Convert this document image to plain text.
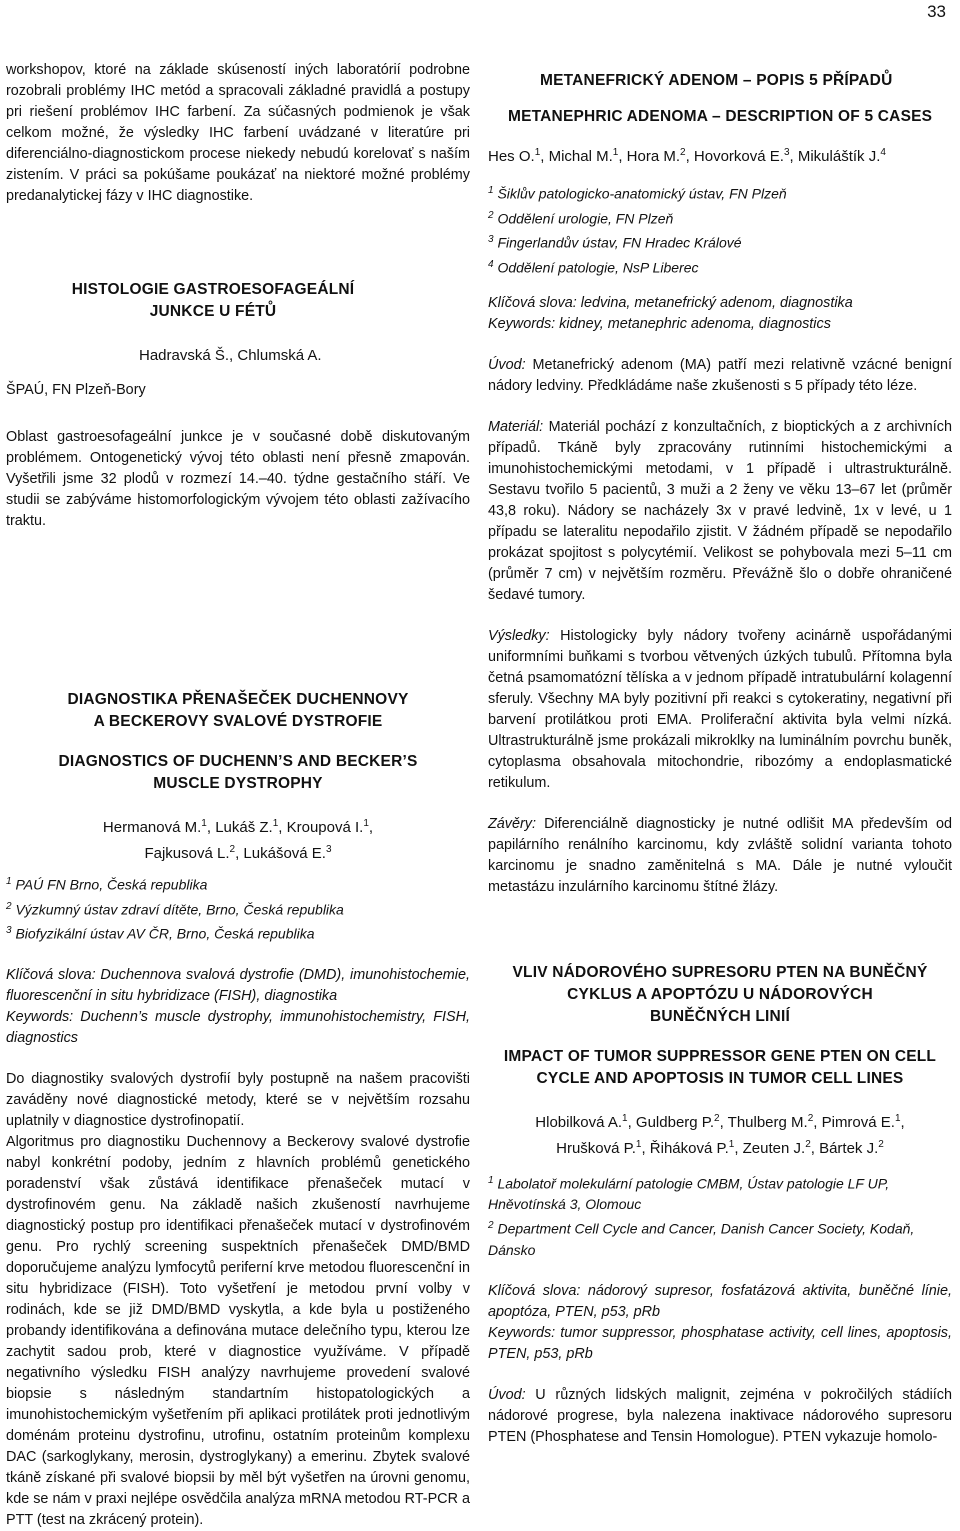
33

workshopov, ktoré na základe skúseností iných laboratórií podrobne rozobrali problémy IHC metód a spracovali základné pravidlá a postupy pri riešení problémov IHC farbení. Za súčasných podmienok je však celkom možné, že výsledky IHC farbení uvádzané v literatúre pri diferenciálno-diagnostickom procese niekedy nebudú korelovať s naším zistením. V práci sa pokúšame poukázať na niektoré možné problémy predanalytickej fázy v IHC diagnostike.

HISTOLOGIE GASTROESOFAGEÁLNÍ
JUNKCE U FÉTŮ
Hadravská Š., Chlumská A.
ŠPAÚ, FN Plzeň-Bory

Oblast gastroesofageální junkce je v současné době diskutovaným problémem. Ontogenetický vývoj této oblasti není přesně zmapován. Vyšetřili jsme 32 plodů v rozmezí 14.–40. týdne gestačního stáří. Ve studii se zabýváme histomorfologickým vývojem této oblasti zažívacího traktu.

DIAGNOSTIKA PŘENAŠEČEK DUCHENNOVY
A BECKEROVY SVALOVÉ DYSTROFIE
DIAGNOSTICS OF DUCHENN’S AND BECKER’S
MUSCLE DYSTROPHY
Hermanová M.$^1$, Lukáš Z.$^1$, Kroupová I.$^1$,
Fajkusová L.$^2$, Lukášová E.$^3$
$^1$ PAÚ FN Brno, Česká republika
$^2$ Výzkumný ústav zdraví dítěte, Brno, Česká republika
$^3$ Biofyzikální ústav AV ČR, Brno, Česká republika

Klíčová slova: Duchennova svalová dystrofie (DMD), imunohistochemie, fluorescenční in situ hybridizace (FISH), diagnostika

Keywords: Duchenn’s muscle dystrophy, immunohistochemistry, FISH, diagnostics

Do diagnostiky svalových dystrofií byly postupně na našem pracovišti zaváděny nové diagnostické metody, které se v největším rozsahu uplatnily v diagnostice dystrofinopatií.

Algoritmus pro diagnostiku Duchennovy a Beckerovy svalové dystrofie nabyl konkrétní podoby, jedním z hlavních problémů genetického poradenství však zůstává identifikace přenašeček mutací v dystrofinovém genu. Na základě našich zkušeností navrhujeme diagnostický postup pro identifikaci přenašeček mutací v dystrofinovém genu. Pro rychlý screening suspektních přenašeček DMD/BMD doporučujeme analýzu lymfocytů periferní krve metodou fluorescenční in situ hybridizace (FISH). Toto vyšetření je metodou první volby v rodinách, kde se již DMD/BMD vyskytla, a kde byla u postiženého probandy identifikována a definována mutace delečního typu, kterou lze zachytit sadou prob, které v diagnostice využíváme. V případě negativního výsledku FISH analýzy navrhujeme provedení svalové biopsie s následným standartním histopatologických a imunohistochemickým vyšetřením při aplikaci protilátek proti jednotlivým doménám proteinu dystrofinu, utrofinu, ostatním proteinům komplexu DAC (sarkoglykany, merosin, dystroglykany) a emerinu. Zbytek svalové tkáně získané při svalové biopsii by měl být vyšetřen na úrovni genomu, kde se nám v praxi nejlépe osvědčila analýza mRNA metodou RT-PCR a PTT (test na zkrácený protein).

METANEFRICKÝ ADENOM – POPIS 5 PŘÍPADŮ
METANEPHRIC ADENOMA – DESCRIPTION OF 5 CASES
Hes O.$^1$, Michal M.$^1$, Hora M.$^2$, Hovorková E.$^3$, Mikuláštík J.$^4$
$^1$ Šiklův patologicko-anatomický ústav, FN Plzeň
$^2$ Oddělení urologie, FN Plzeň
$^3$ Fingerlandův ústav, FN Hradec Králové
$^4$ Oddělení patologie, NsP Liberec

Klíčová slova: ledvina, metanefrický adenom, diagnostika

Keywords: kidney, metanephric adenoma, diagnostics

Úvod: Metanefrický adenom (MA) patří mezi relativně vzácné benigní nádory ledviny. Předkládáme naše zkušenosti s 5 případy této léze.

Materiál: Materiál pochází z konzultačních, z bioptických a z archivních případů. Tkáně byly zpracovány rutinními histochemickými a imunohistochemickými metodami, v 1 případě i ultrastrukturálně. Sestavu tvořilo 5 pacientů, 3 muži a 2 ženy ve věku 13–67 let (průměr 43,8 roku). Nádory se nacházely 3x v pravé ledvině, 1x v levé, u 1 případu se lateralitu nepodařilo zjistit. V žádném případě se nepodařilo prokázat spojitost s polycytémií. Velikost se pohybovala mezi 5–11 cm (průměr 7 cm) v největším rozměru. Převážně šlo o dobře ohraničené šedavé tumory.

Výsledky: Histologicky byly nádory tvořeny acinárně uspořádanými uniformními buňkami s tvorbou větvených úzkých tubulů. Přítomna byla četná psamomatózní tělíska a v jednom případě intratubulární kolagenní sferuly. Všechny MA byly pozitivní při reakci s cytokeratiny, negativní při barvení protilátkou proti EMA. Proliferační aktivita byla velmi nízká. Ultrastrukturálně jsme prokázali mikroklky na luminálním povrchu buněk, cytoplasma obsahovala mitochondrie, ribozómy a endoplasmatické retikulum.

Závěry: Diferenciálně diagnosticky je nutné odlišit MA především od papilárního renálního karcinomu, kdy zvláště solidní varianta tohoto karcinomu je snadno zaměnitelná s MA. Dále je nutné vyloučit metastázu inzulárního karcinomu štítné žlázy.

VLIV NÁDOROVÉHO SUPRESORU PTEN NA BUNĚČNÝ
CYKLUS A APOPTÓZU U NÁDOROVÝCH
BUNĚČNÝCH LINIÍ
IMPACT OF TUMOR SUPPRESSOR GENE PTEN ON CELL
CYCLE AND APOPTOSIS IN TUMOR CELL LINES
Hlobilková A.$^1$, Guldberg P.$^2$, Thulberg M.$^2$, Pimrová E.$^1$,
Hrušková P.$^1$, Řiháková P.$^1$, Zeuten J.$^2$, Bártek J.$^2$
$^1$ Labolatoř molekulární patologie CMBM, Ústav patologie LF UP, Hněvotínská 3, Olomouc
$^2$ Department Cell Cycle and Cancer, Danish Cancer Society, Kodaň, Dánsko

Klíčová slova: nádorový supresor, fosfatázová aktivita, buněčné línie, apoptóza, PTEN, p53, pRb

Keywords: tumor suppressor, phosphatase activity, cell lines, apoptosis, PTEN, p53, pRb

Úvod: U různých lidských malignit, zejména v pokročilých stádiích nádorové progrese, byla nalezena inaktivace nádorového supresoru PTEN (Phosphatese and Tensin Homologue). PTEN vykazuje homolo-
